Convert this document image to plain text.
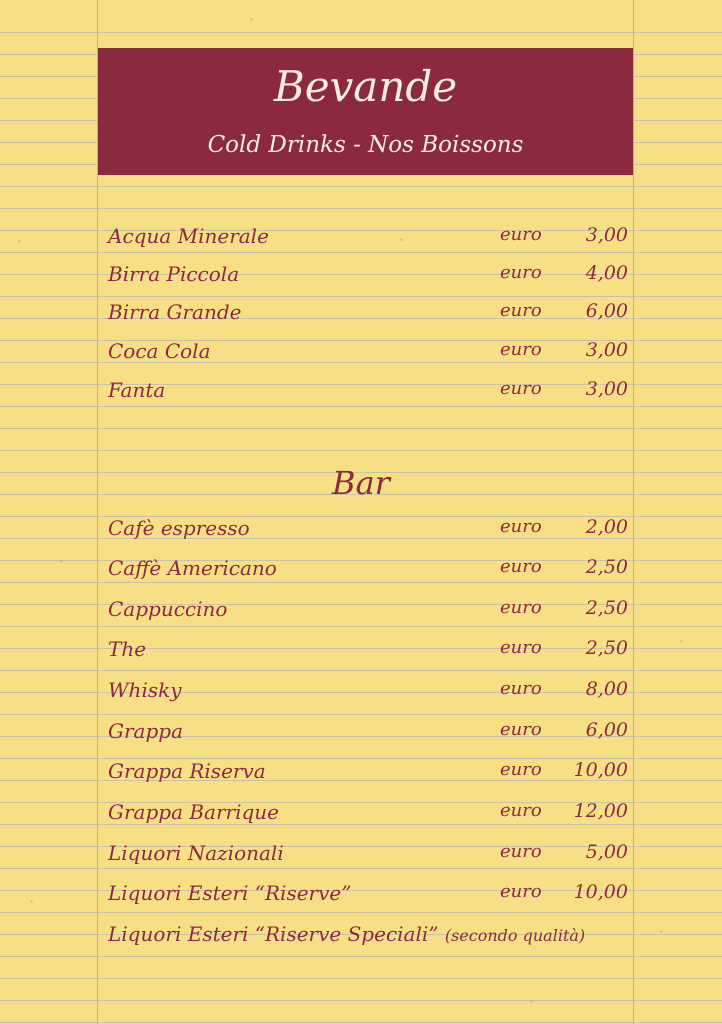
Bevande
Cold Drinks - Nos Boissons
Acqua Minerale	euro 3,00
Birra Piccola	euro 4,00
Birra Grande	euro 6,00
Coca Cola	euro 3,00
Fanta	euro 3,00
Bar
Cafè espresso	euro 2,00
Caffè Americano	euro 2,50
Cappuccino	euro 2,50
The	euro 2,50
Whisky	euro 8,00
Grappa	euro 6,00
Grappa Riserva	euro 10,00
Grappa Barrique	euro 12,00
Liquori Nazionali	euro 5,00
Liquori Esteri “Riserve”	euro 10,00
Liquori Esteri “Riserve Speciali” (secondo qualità)
